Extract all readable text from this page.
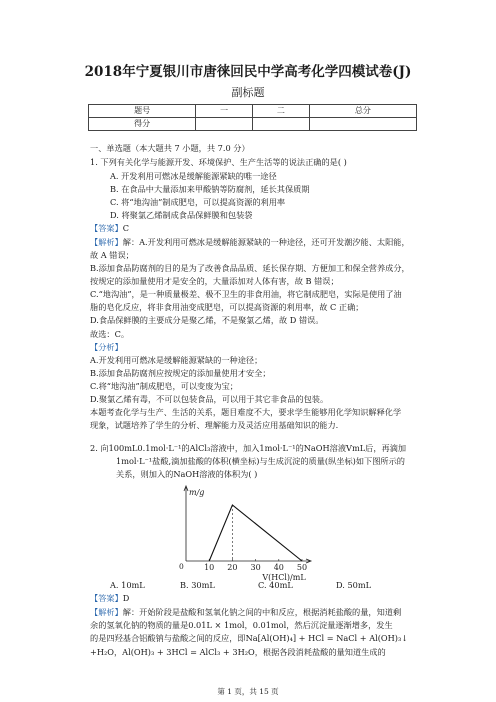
2018年宁夏银川市唐徕回民中学高考化学四模试卷(J)
副标题
题号	一	二	总分
得分			
一、单选题（本大题共 7 小题，共 7.0 分）
1. 下列有关化学与能源开发、环境保护、生产生活等的说法正确的是( )
A. 开发利用可燃冰是缓解能源紧缺的唯一途径
B. 在食品中大量添加来甲酸钠等防腐剂，延长其保质期
C. 将“地沟油”制成肥皂，可以提高资源的利用率
D. 将聚氯乙烯制成食品保鲜膜和包装袋
【答案】C
【解析】解：A.开发利用可燃冰是缓解能源紧缺的一种途径，还可开发潮汐能、太阳能，
故 A 错误；
B.添加食品防腐剂的目的是为了改善食品品质、延长保存期、方便加工和保全营养成分，
按规定的添加量使用才是安全的，大量添加对人体有害，故 B 错误；
C.“地沟油”，是一种质量极差、极不卫生的非食用油，将它制成肥皂，实际是使用了油
脂的皂化反应，将非食用油变成肥皂，可以提高资源的利用率，故 C 正确；
D.食品保鲜膜的主要成分是聚乙烯，不是聚氯乙烯，故 D 错误。
故选：C。
【分析】
A.开发利用可燃冰是缓解能源紧缺的一种途径；
B.添加食品防腐剂应按规定的添加量使用才安全；
C.将“地沟油”制成肥皂，可以变废为宝；
D.聚氯乙烯有毒，不可以包装食品，可以用于其它非食品的包装。
本题考查化学与生产、生活的关系，题目难度不大，要求学生能够用化学知识解释化学
现象，试题培养了学生的分析、理解能力及灵活应用基础知识的能力.
2. 向100mL0.1mol·L⁻¹的AlCl₃溶液中，加入1mol·L⁻¹的NaOH溶液VmL后，再滴加
1mol·L⁻¹盐酸,滴加盐酸的体积(横坐标)与生成沉淀的质量(纵坐标)如下图所示的
关系，则加入的NaOH溶液的体积为( )
m/g
0	10 20 30 40 50
V(HCl)/mL
A. 10mL	B. 30mL	C. 40mL	D. 50mL
【答案】D
【解析】解：开始阶段是盐酸和氢氧化钠之间的中和反应，根据消耗盐酸的量，知道剩
余的氢氧化钠的物质的量是0.01L × 1mol，0.01mol，然后沉淀量逐渐增多，发生
的是四羟基合铝酸钠与盐酸之间的反应，即Na[Al(OH)₄] + HCl = NaCl + Al(OH)₃↓
+H₂O，Al(OH)₃ + 3HCl = AlCl₃ + 3H₂O，根据各段消耗盐酸的量知道生成的
第 1 页，共 15 页
